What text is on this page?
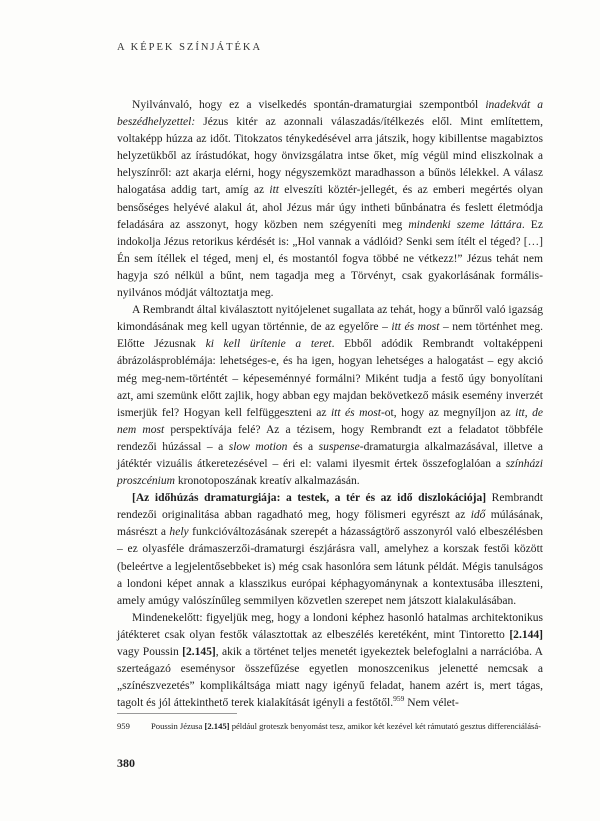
A KÉPEK SZÍNJÁTÉKA

Nyilvánvaló, hogy ez a viselkedés spontán-dramaturgiai szempontból inadekvát a beszédhelyzettel: Jézus kitér az azonnali válaszadás/ítélkezés elől. Mint említettem, voltaképp húzza az időt. Titokzatos ténykedésével arra játszik, hogy kibillentse magabiztos helyzetükből az írástudókat, hogy önvizsgálatra intse őket, míg végül mind eliszkolnak a helyszínről: azt akarja elérni, hogy négyszemközt maradhasson a bűnös lélekkel. A válasz halogatása addig tart, amíg az itt elveszíti köztér-jellegét, és az emberi megértés olyan bensőséges helyévé alakul át, ahol Jézus már úgy intheti bűnbánatra és feslett életmódja feladására az asszonyt, hogy közben nem szégyeníti meg mindenki szeme láttára. Ez indokolja Jézus retorikus kérdését is: „Hol vannak a vádlóid? Senki sem ítélt el téged? […] Én sem ítéllek el téged, menj el, és mostantól fogva többé ne vétkezz!” Jézus tehát nem hagyja szó nélkül a bűnt, nem tagadja meg a Törvényt, csak gyakorlásának formális-nyilvános módját változtatja meg.

A Rembrandt által kiválasztott nyitójelenet sugallata az tehát, hogy a bűnről való igazság kimondásának meg kell ugyan történnie, de az egyelőre – itt és most – nem történhet meg. Előtte Jézusnak ki kell ürítenie a teret. Ebből adódik Rembrandt voltaképpeni ábrázolásproblémája: lehetséges-e, és ha igen, hogyan lehetséges a halogatást – egy akció még meg-nem-történtét – képeseménnyé formálni? Miként tudja a festő úgy bonyolítani azt, ami szemünk előtt zajlik, hogy abban egy majdan bekövetkező másik esemény inverzét ismerjük fel? Hogyan kell felfüggeszteni az itt és most-ot, hogy az megnyíljon az itt, de nem most perspektívája felé? Az a tézisem, hogy Rembrandt ezt a feladatot többféle rendezői húzással – a slow motion és a suspense-dramaturgia alkalmazásával, illetve a játéktér vizuális átkeretezésével – éri el: valami ilyesmit értek összefoglalóan a színházi proszcénium kronotoposzának kreatív alkalmazásán.

[Az időhúzás dramaturgiája: a testek, a tér és az idő diszlokációja] Rembrandt rendezői originalitása abban ragadható meg, hogy fölismeri egyrészt az idő múlásának, másrészt a hely funkcióváltozásának szerepét a házasságtörő asszonyról való elbeszélésben – ez olyasféle drámaszerzői-dramaturgi észjárásra vall, amelyhez a korszak festői között (beleértve a legjelentősebbeket is) még csak hasonlóra sem látunk példát. Mégis tanulságos a londoni képet annak a klasszikus európai képhagyománynak a kontextusába illeszteni, amely amúgy valószínűleg semmilyen közvetlen szerepet nem játszott kialakulásában.

Mindenekelőtt: figyeljük meg, hogy a londoni képhez hasonló hatalmas architektonikus játékteret csak olyan festők választottak az elbeszélés keretéként, mint Tintoretto [2.144] vagy Poussin [2.145], akik a történet teljes menetét igyekeztek belefoglalni a narrációba. A szerteágazó eseménysor összefűzése egyetlen monoszcenikus jelenetté nemcsak a „színészvezetés” komplikáltsága miatt nagy igényű feladat, hanem azért is, mert tágas, tagolt és jól áttekinthető terek kialakítását igényli a festőtől.$^{959}$ Nem vélet-

959 Poussin Jézusa [2.145] például groteszk benyomást tesz, amikor két kezével két rámutató gesztus differenciálásá-
380
